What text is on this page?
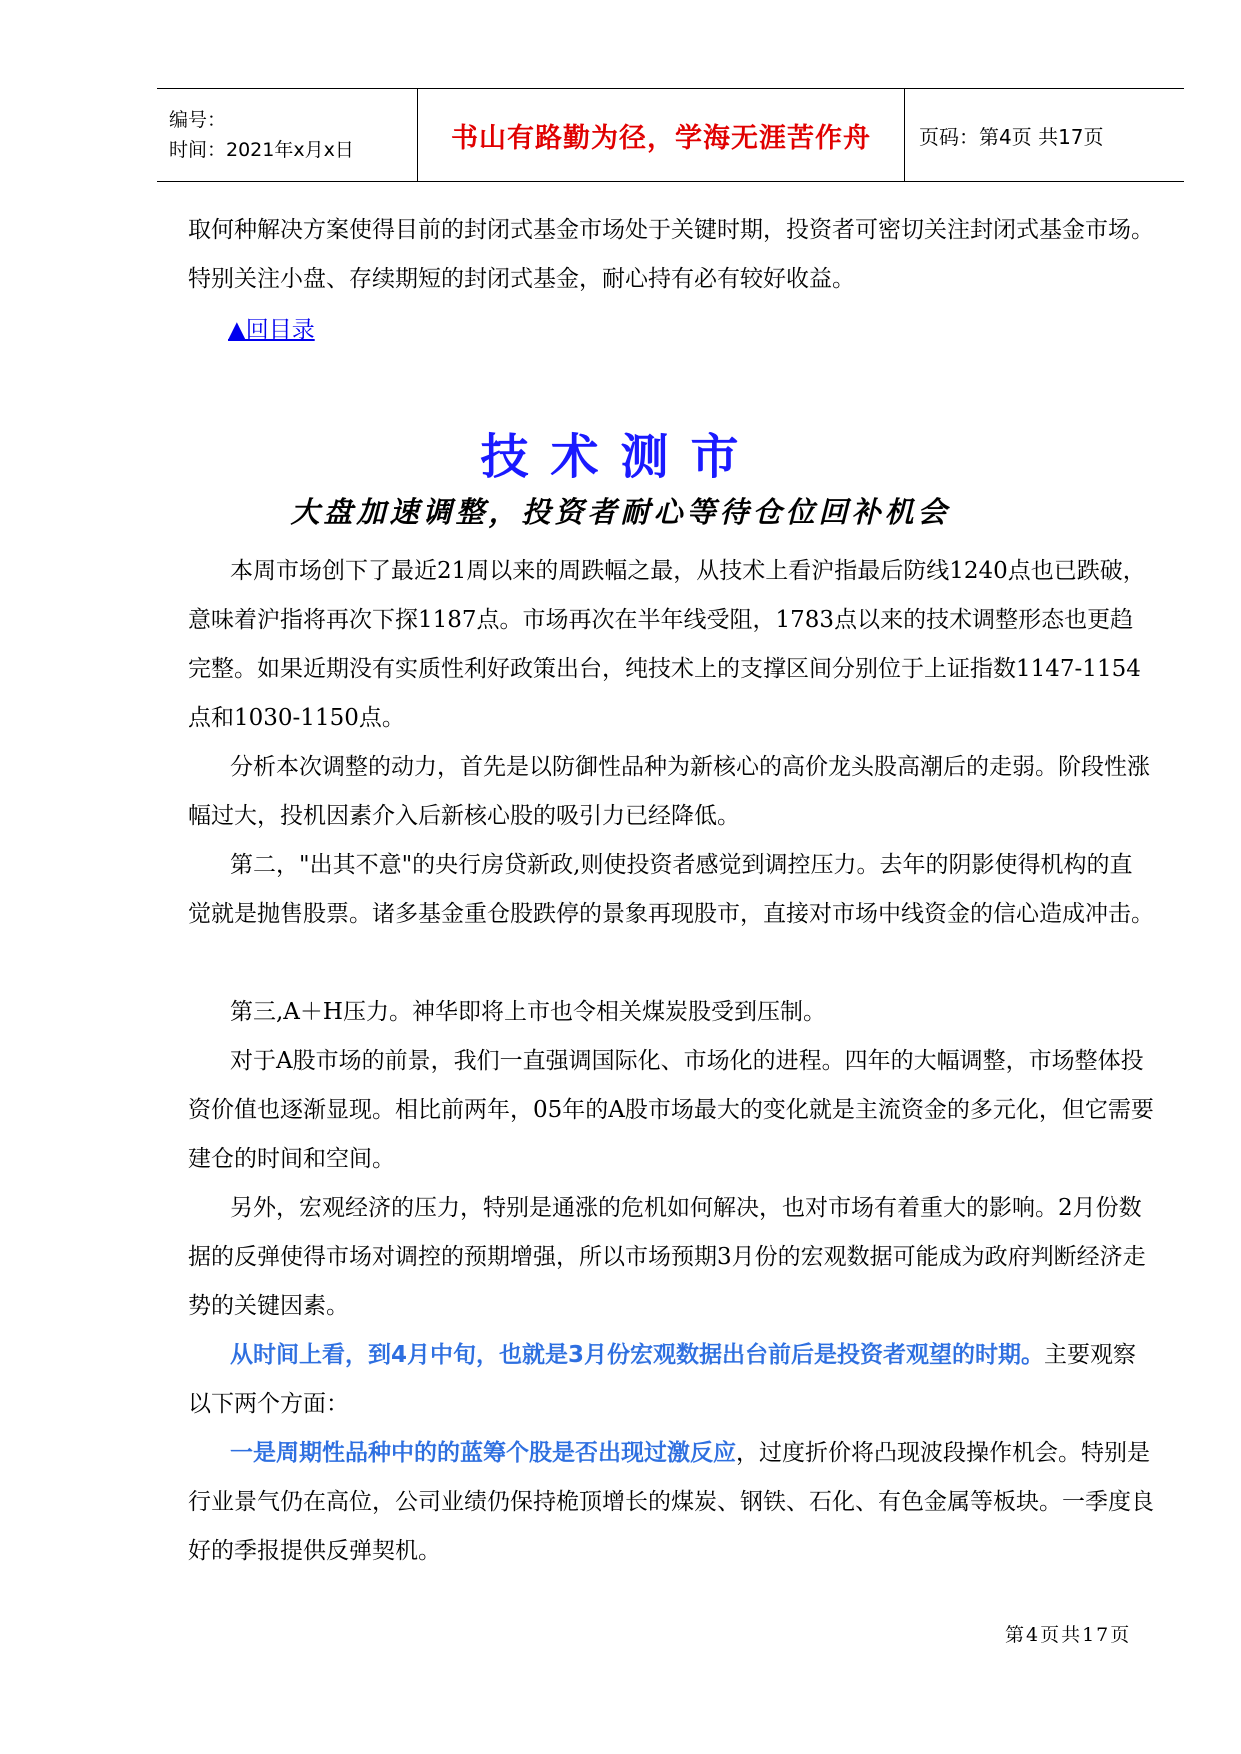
编号：
时间：2021年x月x日	书山有路勤为径，学海无涯苦作舟	页码：第4页 共17页

取何种解决方案使得目前的封闭式基金市场处于关键时期，投资者可密切关注封闭式基金市场。特别关注小盘、存续期短的封闭式基金，耐心持有必有较好收益。

▲回目录
技术测市
大盘加速调整，投资者耐心等待仓位回补机会

本周市场创下了最近21周以来的周跌幅之最，从技术上看沪指最后防线1240点也已跌破，意味着沪指将再次下探1187点。市场再次在半年线受阻，1783点以来的技术调整形态也更趋完整。如果近期没有实质性利好政策出台，纯技术上的支撑区间分别位于上证指数1147-1154点和1030-1150点。

分析本次调整的动力，首先是以防御性品种为新核心的高价龙头股高潮后的走弱。阶段性涨幅过大，投机因素介入后新核心股的吸引力已经降低。

第二，"出其不意"的央行房贷新政,则使投资者感觉到调控压力。去年的阴影使得机构的直觉就是抛售股票。诸多基金重仓股跌停的景象再现股市，直接对市场中线资金的信心造成冲击。

第三,A＋H压力。神华即将上市也令相关煤炭股受到压制。

对于A股市场的前景，我们一直强调国际化、市场化的进程。四年的大幅调整，市场整体投资价值也逐渐显现。相比前两年，05年的A股市场最大的变化就是主流资金的多元化，但它需要建仓的时间和空间。

另外，宏观经济的压力，特别是通涨的危机如何解决，也对市场有着重大的影响。2月份数据的反弹使得市场对调控的预期增强，所以市场预期3月份的宏观数据可能成为政府判断经济走势的关键因素。

从时间上看，到4月中旬，也就是3月份宏观数据出台前后是投资者观望的时期。主要观察以下两个方面：

一是周期性品种中的的蓝筹个股是否出现过激反应，过度折价将凸现波段操作机会。特别是行业景气仍在高位，公司业绩仍保持桅顶增长的煤炭、钢铁、石化、有色金属等板块。一季度良好的季报提供反弹契机。

第4页共17页
